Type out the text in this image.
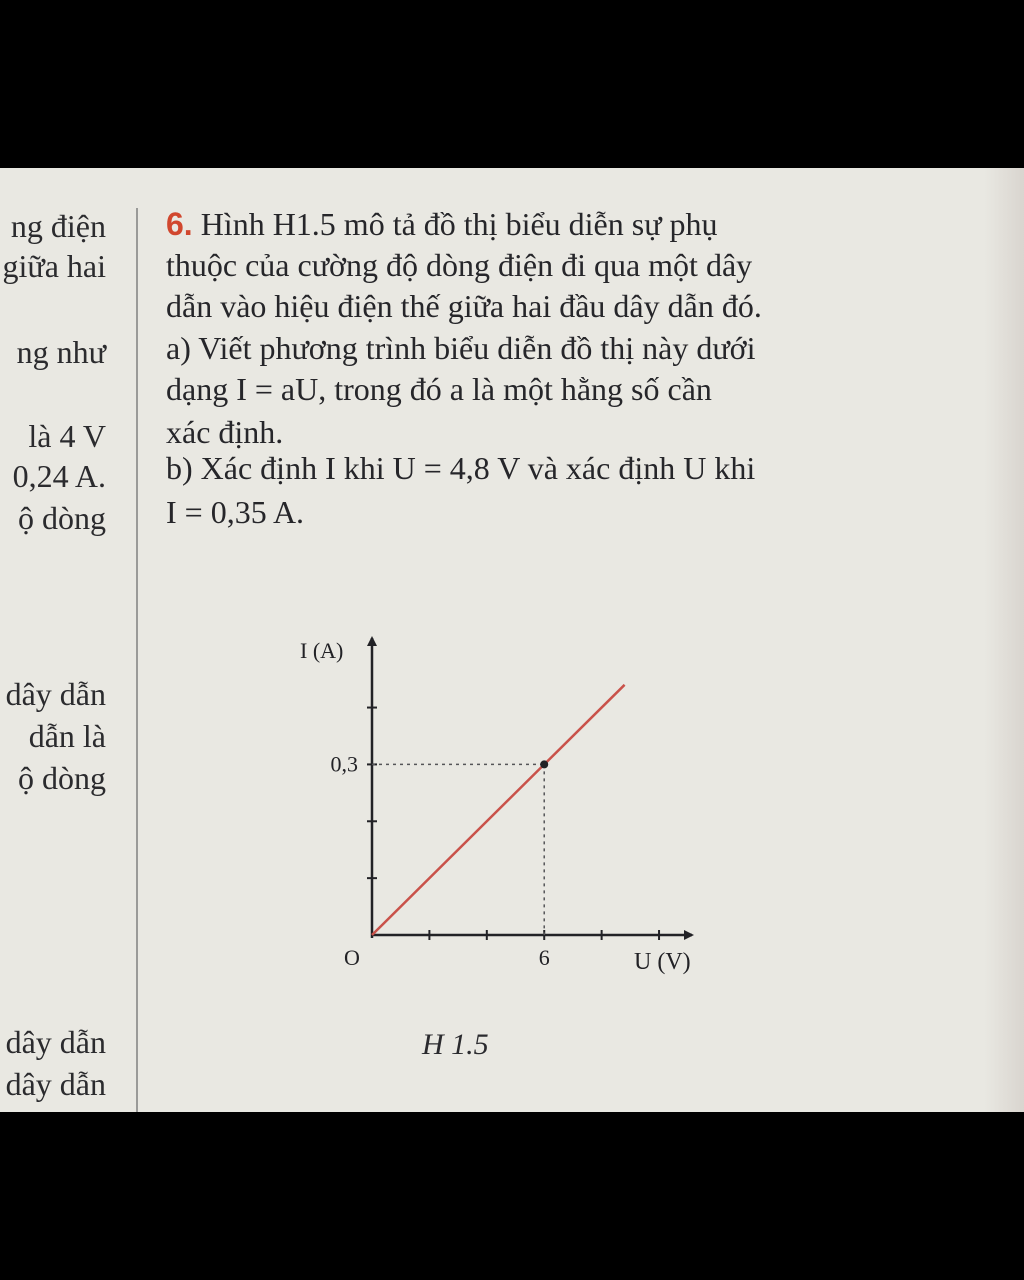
ng điện
giữa hai
ng như
là 4 V
0,24 A.
ộ dòng
dây dẫn
dẫn là
ộ dòng
dây dẫn
dây dẫn
6. Hình H1.5 mô tả đồ thị biểu diễn sự phụ
thuộc của cường độ dòng điện đi qua một dây
dẫn vào hiệu điện thế giữa hai đầu dây dẫn đó.
a) Viết phương trình biểu diễn đồ thị này dưới
dạng I = aU, trong đó a là một hằng số cần
xác định.
b) Xác định I khi U = 4,8 V và xác định U khi
I = 0,35 A.
I (A)
U (V)
O	6
0,3
H 1.5
